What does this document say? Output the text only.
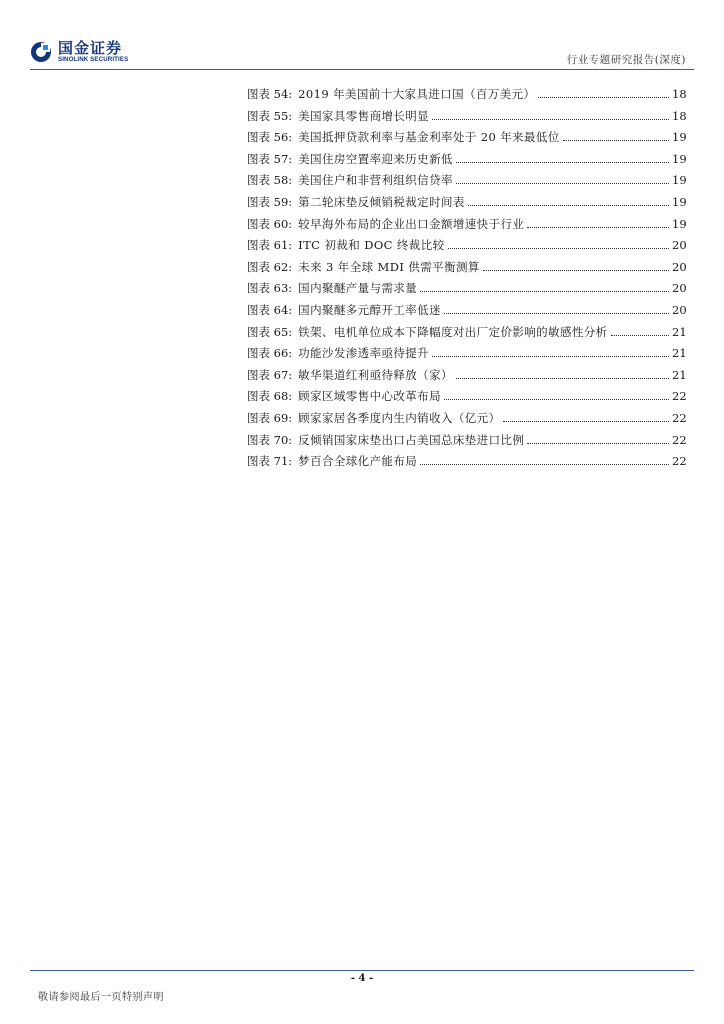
国金证券
SINOLINK SECURITIES	行业专题研究报告(深度)
图表 54: 2019 年美国前十大家具进口国（百万美元）	18
图表 55: 美国家具零售商增长明显	18
图表 56: 美国抵押贷款利率与基金利率处于 20 年来最低位	19
图表 57: 美国住房空置率迎来历史新低	19
图表 58: 美国住户和非营利组织信贷率	19
图表 59: 第二轮床垫反倾销税裁定时间表	19
图表 60: 较早海外布局的企业出口金额增速快于行业	19
图表 61: ITC 初裁和 DOC 终裁比较	20
图表 62: 未来 3 年全球 MDI 供需平衡测算	20
图表 63: 国内聚醚产量与需求量	20
图表 64: 国内聚醚多元醇开工率低迷	20
图表 65: 铁架、电机单位成本下降幅度对出厂定价影响的敏感性分析	21
图表 66: 功能沙发渗透率亟待提升	21
图表 67: 敏华渠道红利亟待释放（家）	21
图表 68: 顾家区域零售中心改革布局	22
图表 69: 顾家家居各季度内生内销收入（亿元）	22
图表 70: 反倾销国家床垫出口占美国总床垫进口比例	22
图表 71: 梦百合全球化产能布局	22
- 4 -
敬请参阅最后一页特别声明
